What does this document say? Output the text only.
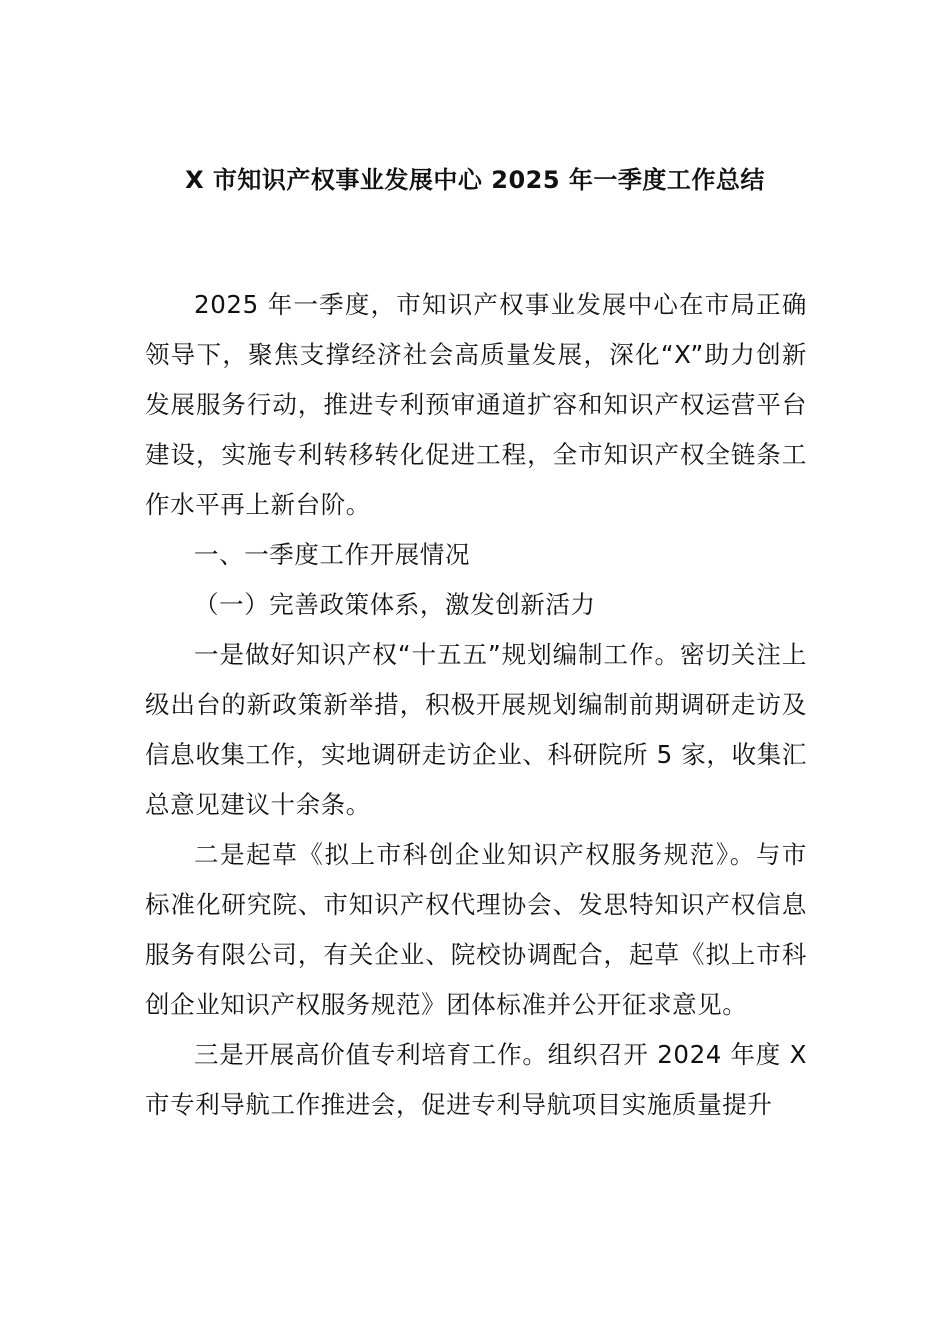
X 市知识产权事业发展中心 2025 年一季度工作总结

2025 年一季度，市知识产权事业发展中心在市局正确领导下，聚焦支撑经济社会高质量发展，深化“X”助力创新发展服务行动，推进专利预审通道扩容和知识产权运营平台建设，实施专利转移转化促进工程，全市知识产权全链条工作水平再上新台阶。

一、一季度工作开展情况

（一）完善政策体系，激发创新活力

一是做好知识产权“十五五”规划编制工作。密切关注上级出台的新政策新举措，积极开展规划编制前期调研走访及信息收集工作，实地调研走访企业、科研院所 5 家，收集汇总意见建议十余条。

二是起草《拟上市科创企业知识产权服务规范》。与市标准化研究院、市知识产权代理协会、发思特知识产权信息服务有限公司，有关企业、院校协调配合，起草《拟上市科创企业知识产权服务规范》团体标准并公开征求意见。

三是开展高价值专利培育工作。组织召开 2024 年度 X 市专利导航工作推进会，促进专利导航项目实施质量提升
